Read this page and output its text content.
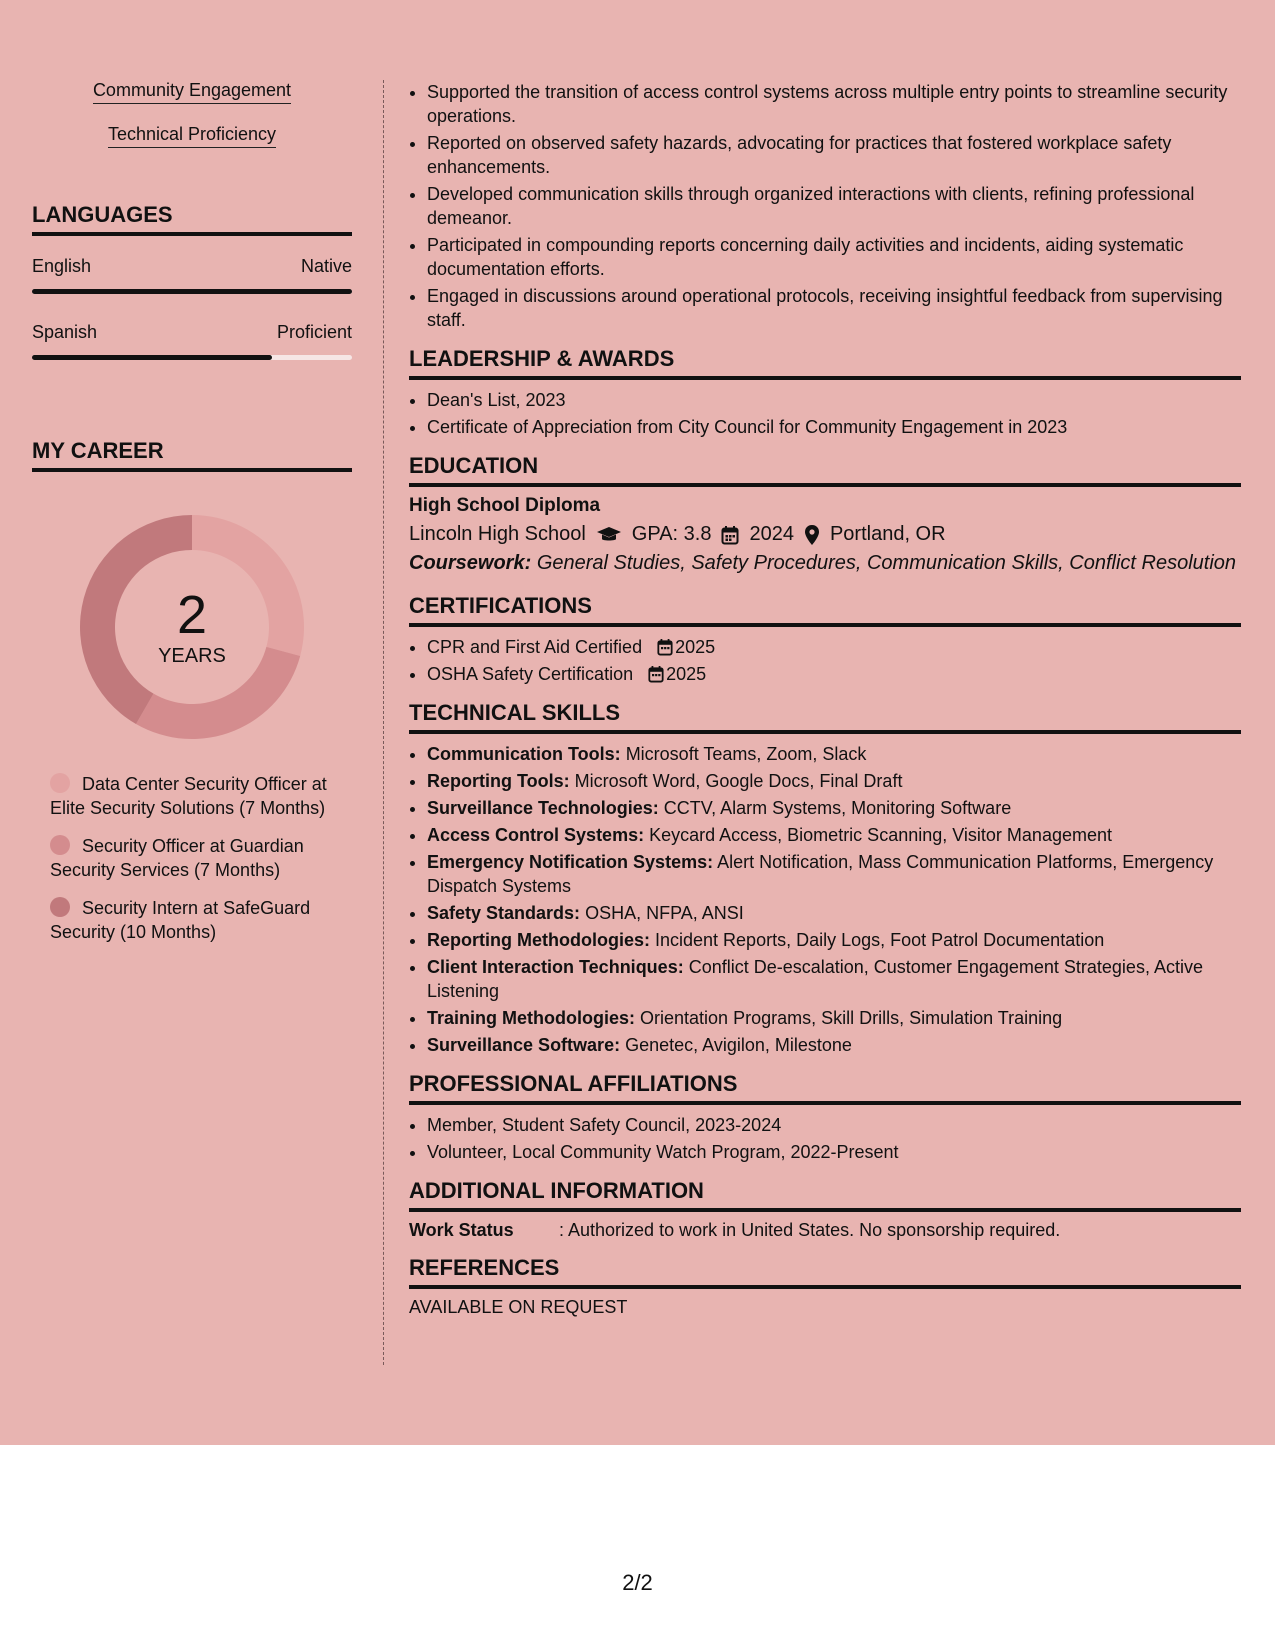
Community Engagement
Technical Proficiency
LANGUAGES
English	Native
Spanish	Proficient
MY CAREER
2
YEARS
Data Center Security Officer at Elite Security Solutions (7 Months)
Security Officer at Guardian Security Services (7 Months)
Security Intern at SafeGuard Security (10 Months)
• Supported the transition of access control systems across multiple entry points to streamline security operations.
• Reported on observed safety hazards, advocating for practices that fostered workplace safety enhancements.
• Developed communication skills through organized interactions with clients, refining professional demeanor.
• Participated in compounding reports concerning daily activities and incidents, aiding systematic documentation efforts.
• Engaged in discussions around operational protocols, receiving insightful feedback from supervising staff.
LEADERSHIP & AWARDS
• Dean's List, 2023
• Certificate of Appreciation from City Council for Community Engagement in 2023
EDUCATION

High School Diploma

Lincoln High School GPA: 3.8 2024 Portland, OR

Coursework: General Studies, Safety Procedures, Communication Skills, Conflict Resolution

CERTIFICATIONS
• CPR and First Aid Certified 2025
• OSHA Safety Certification 2025
TECHNICAL SKILLS
• Communication Tools: Microsoft Teams, Zoom, Slack
• Reporting Tools: Microsoft Word, Google Docs, Final Draft
• Surveillance Technologies: CCTV, Alarm Systems, Monitoring Software
• Access Control Systems: Keycard Access, Biometric Scanning, Visitor Management
• Emergency Notification Systems: Alert Notification, Mass Communication Platforms, Emergency Dispatch Systems
• Safety Standards: OSHA, NFPA, ANSI
• Reporting Methodologies: Incident Reports, Daily Logs, Foot Patrol Documentation
• Client Interaction Techniques: Conflict De-escalation, Customer Engagement Strategies, Active Listening
• Training Methodologies: Orientation Programs, Skill Drills, Simulation Training
• Surveillance Software: Genetec, Avigilon, Milestone
PROFESSIONAL AFFILIATIONS
• Member, Student Safety Council, 2023-2024
• Volunteer, Local Community Watch Program, 2022-Present
ADDITIONAL INFORMATION

Work Status	: Authorized to work in United States. No sponsorship required.

REFERENCES

AVAILABLE ON REQUEST

2/2
